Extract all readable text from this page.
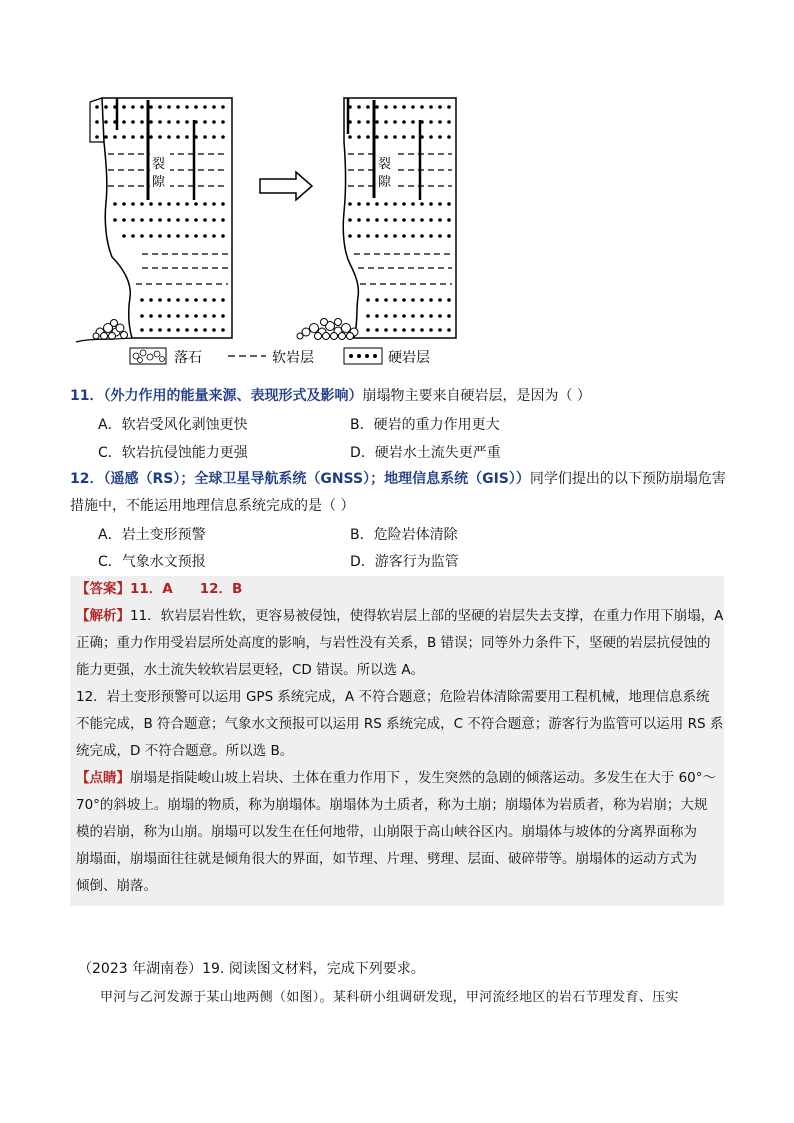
裂
隙
裂
隙
落石	软岩层	硬岩层
11．（外力作用的能量来源、表现形式及影响）崩塌物主要来自硬岩层，是因为（ ）
A．软岩受风化剥蚀更快	B．硬岩的重力作用更大
C．软岩抗侵蚀能力更强	D．硬岩水土流失更严重
12．（遥感（RS）；全球卫星导航系统（GNSS）；地理信息系统（GIS））同学们提出的以下预防崩塌危害
措施中，不能运用地理信息系统完成的是（ ）
A．岩土变形预警	B．危险岩体清除
C．气象水文预报	D．游客行为监管
【答案】11．A　　12．B
【解析】11．软岩层岩性软，更容易被侵蚀，使得软岩层上部的坚硬的岩层失去支撑，在重力作用下崩塌，A
正确；重力作用受岩层所处高度的影响，与岩性没有关系，B 错误；同等外力条件下，坚硬的岩层抗侵蚀的
能力更强，水土流失较软岩层更轻，CD 错误。所以选 A。
12．岩土变形预警可以运用 GPS 系统完成，A 不符合题意；危险岩体清除需要用工程机械，地理信息系统
不能完成，B 符合题意；气象水文预报可以运用 RS 系统完成，C 不符合题意；游客行为监管可以运用 RS 系
统完成，D 不符合题意。所以选 B。
【点睛】崩塌是指陡峻山坡上岩块、土体在重力作用下 ，发生突然的急剧的倾落运动。多发生在大于 60°～
70°的斜坡上。崩塌的物质，称为崩塌体。崩塌体为土质者，称为土崩；崩塌体为岩质者，称为岩崩；大规
模的岩崩，称为山崩。崩塌可以发生在任何地带，山崩限于高山峡谷区内。崩塌体与坡体的分离界面称为
崩塌面，崩塌面往往就是倾角很大的界面，如节理、片理、劈理、层面、破碎带等。崩塌体的运动方式为
倾倒、崩落。
（2023 年湖南卷）19. 阅读图文材料，完成下列要求。
甲河与乙河发源于某山地两侧（如图）。某科研小组调研发现，甲河流经地区的岩石节理发育、压实
